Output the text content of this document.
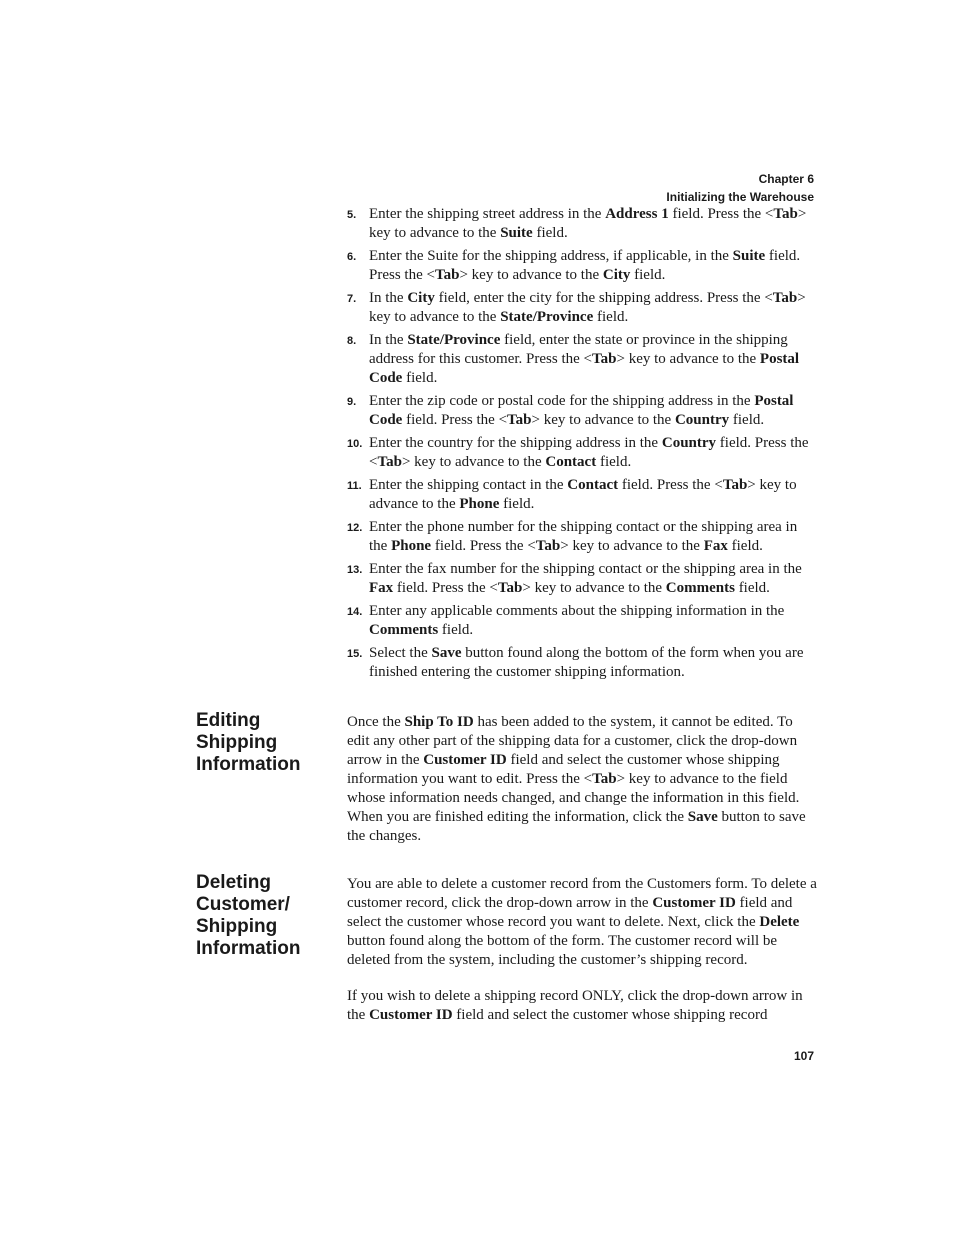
Chapter 6
Initializing the Warehouse
5. Enter the shipping street address in the Address 1 field. Press the <Tab> key to advance to the Suite field.
6. Enter the Suite for the shipping address, if applicable, in the Suite field. Press the <Tab> key to advance to the City field.
7. In the City field, enter the city for the shipping address. Press the <Tab> key to advance to the State/Province field.
8. In the State/Province field, enter the state or province in the shipping address for this customer. Press the <Tab> key to advance to the Postal Code field.
9. Enter the zip code or postal code for the shipping address in the Postal Code field. Press the <Tab> key to advance to the Country field.
10. Enter the country for the shipping address in the Country field. Press the <Tab> key to advance to the Contact field.
11. Enter the shipping contact in the Contact field. Press the <Tab> key to advance to the Phone field.
12. Enter the phone number for the shipping contact or the shipping area in the Phone field. Press the <Tab> key to advance to the Fax field.
13. Enter the fax number for the shipping contact or the shipping area in the Fax field. Press the <Tab> key to advance to the Comments field.
14. Enter any applicable comments about the shipping information in the Comments field.
15. Select the Save button found along the bottom of the form when you are finished entering the customer shipping information.
Editing
Shipping
Information

Once the Ship To ID has been added to the system, it cannot be edited. To edit any other part of the shipping data for a customer, click the drop-down arrow in the Customer ID field and select the customer whose shipping information you want to edit. Press the <Tab> key to advance to the field whose information needs changed, and change the information in this field. When you are finished editing the information, click the Save button to save the changes.

Deleting
Customer/
Shipping
Information

You are able to delete a customer record from the Customers form. To delete a customer record, click the drop-down arrow in the Customer ID field and select the customer whose record you want to delete. Next, click the Delete button found along the bottom of the form. The customer record will be deleted from the system, including the customer’s shipping record.

If you wish to delete a shipping record ONLY, click the drop-down arrow in the Customer ID field and select the customer whose shipping record

107
